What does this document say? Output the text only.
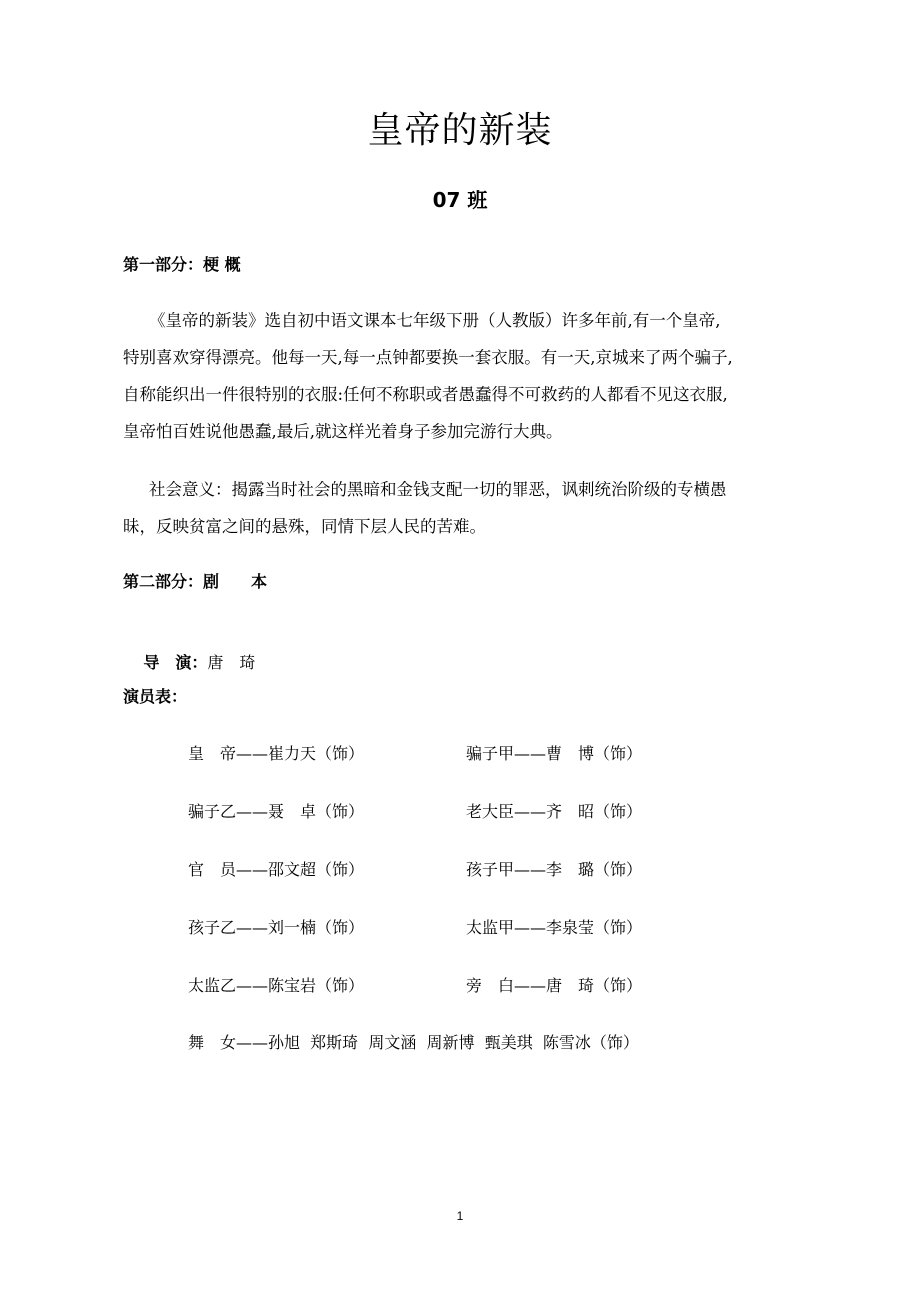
皇帝的新装
07 班
第一部分：梗 概
《皇帝的新装》选自初中语文课本七年级下册（人教版）许多年前,有一个皇帝,
特别喜欢穿得漂亮。他每一天,每一点钟都要换一套衣服。有一天,京城来了两个骗子,
自称能织出一件很特别的衣服:任何不称职或者愚蠢得不可救药的人都看不见这衣服,
皇帝怕百姓说他愚蠢,最后,就这样光着身子参加完游行大典。
社会意义：揭露当时社会的黑暗和金钱支配一切的罪恶，讽刺统治阶级的专横愚
昧，反映贫富之间的悬殊，同情下层人民的苦难。
第二部分：剧　　本

导　演：唐　琦

演员表：
皇　帝——崔力天（饰）	骗子甲——曹　博（饰）
骗子乙——聂　卓（饰）	老大臣——齐　昭（饰）
官　员——邵文超（饰）	孩子甲——李　璐（饰）
孩子乙——刘一楠（饰）	太监甲——李泉莹（饰）
太监乙——陈宝岩（饰）	旁　白——唐　琦（饰）
舞　女——孙旭  郑斯琦  周文涵  周新博  甄美琪  陈雪冰（饰）
1
